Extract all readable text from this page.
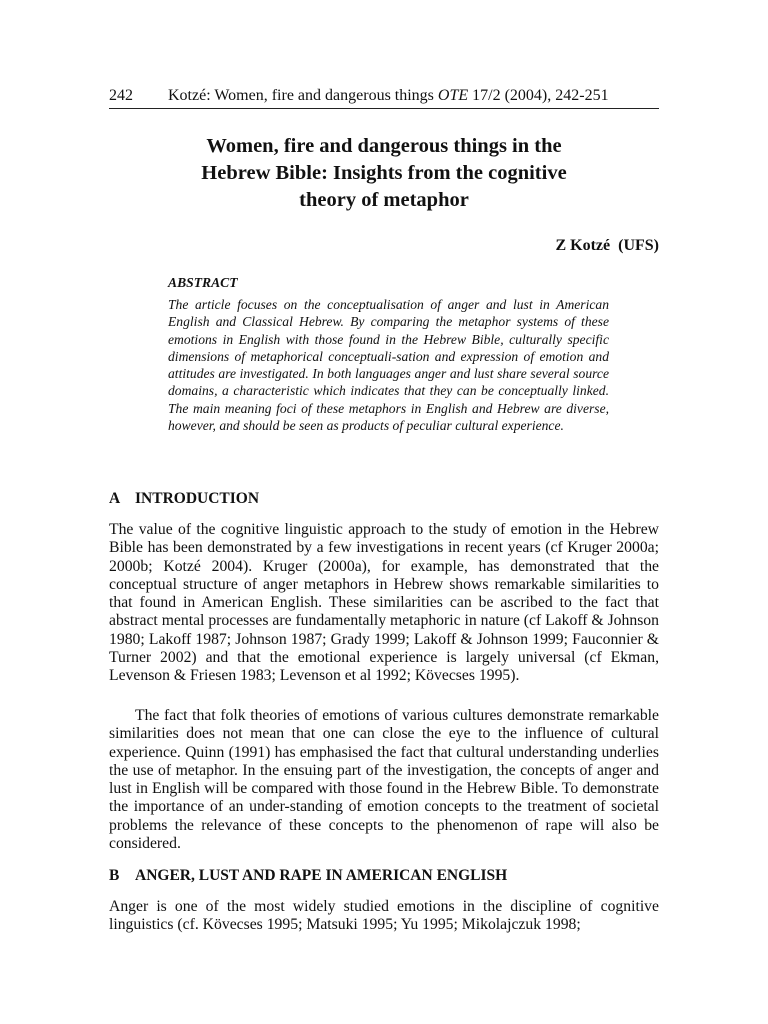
242 Kotzé: Women, fire and dangerous things OTE 17/2 (2004), 242-251
Women, fire and dangerous things in the
Hebrew Bible: Insights from the cognitive
theory of metaphor
Z Kotzé  (UFS)
ABSTRACT

The article focuses on the conceptualisation of anger and lust in American English and Classical Hebrew. By comparing the metaphor systems of these emotions in English with those found in the Hebrew Bible, culturally specific dimensions of metaphorical conceptuali-sation and expression of emotion and attitudes are investigated. In both languages anger and lust share several source domains, a characteristic which indicates that they can be conceptually linked. The main meaning foci of these metaphors in English and Hebrew are diverse, however, and should be seen as products of peculiar cultural experience.

A INTRODUCTION

The value of the cognitive linguistic approach to the study of emotion in the Hebrew Bible has been demonstrated by a few investigations in recent years (cf Kruger 2000a; 2000b; Kotzé 2004). Kruger (2000a), for example, has demonstrated that the conceptual structure of anger metaphors in Hebrew shows remarkable similarities to that found in American English. These similarities can be ascribed to the fact that abstract mental processes are fundamentally metaphoric in nature (cf Lakoff & Johnson 1980; Lakoff 1987; Johnson 1987; Grady 1999; Lakoff & Johnson 1999; Fauconnier & Turner 2002) and that the emotional experience is largely universal (cf Ekman, Levenson & Friesen 1983; Levenson et al 1992; Kövecses 1995).

The fact that folk theories of emotions of various cultures demonstrate remarkable similarities does not mean that one can close the eye to the influence of cultural experience. Quinn (1991) has emphasised the fact that cultural understanding underlies the use of metaphor. In the ensuing part of the investigation, the concepts of anger and lust in English will be compared with those found in the Hebrew Bible. To demonstrate the importance of an under-standing of emotion concepts to the treatment of societal problems the relevance of these concepts to the phenomenon of rape will also be considered.

B ANGER, LUST AND RAPE IN AMERICAN ENGLISH

Anger is one of the most widely studied emotions in the discipline of cognitive linguistics (cf. Kövecses 1995; Matsuki 1995; Yu 1995; Mikolajczuk 1998;
